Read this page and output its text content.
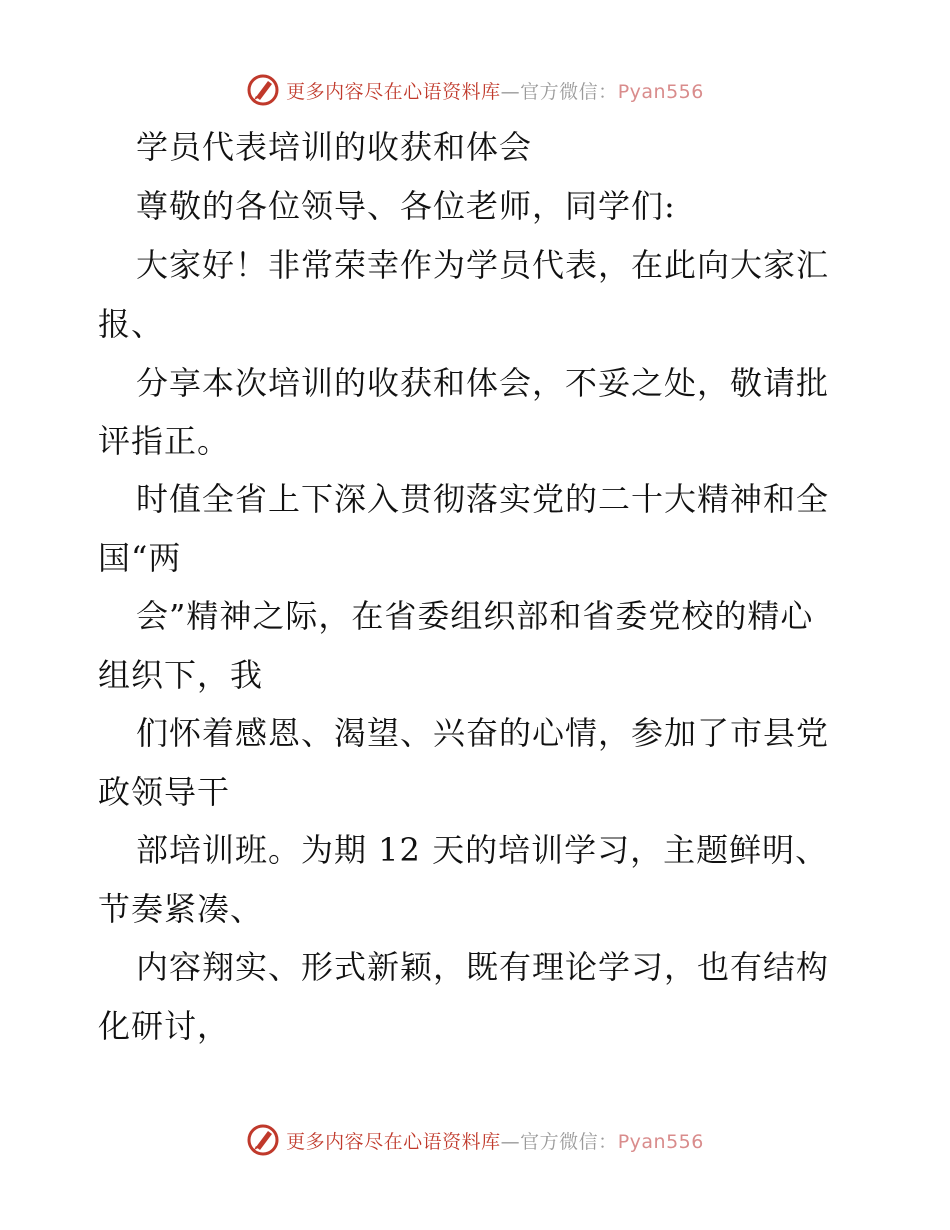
更多内容尽在心语资料库—官方微信：Pyan556
学员代表培训的收获和体会
尊敬的各位领导、各位老师，同学们:
大家好！非常荣幸作为学员代表，在此向大家汇
报、
分享本次培训的收获和体会，不妥之处，敬请批
评指正。
时值全省上下深入贯彻落实党的二十大精神和全
国“两
会”精神之际，在省委组织部和省委党校的精心
组织下，我
们怀着感恩、渴望、兴奋的心情，参加了市县党
政领导干
部培训班。为期 12 天的培训学习，主题鲜明、
节奏紧凑、
内容翔实、形式新颖，既有理论学习，也有结构
化研讨，
更多内容尽在心语资料库—官方微信：Pyan556
